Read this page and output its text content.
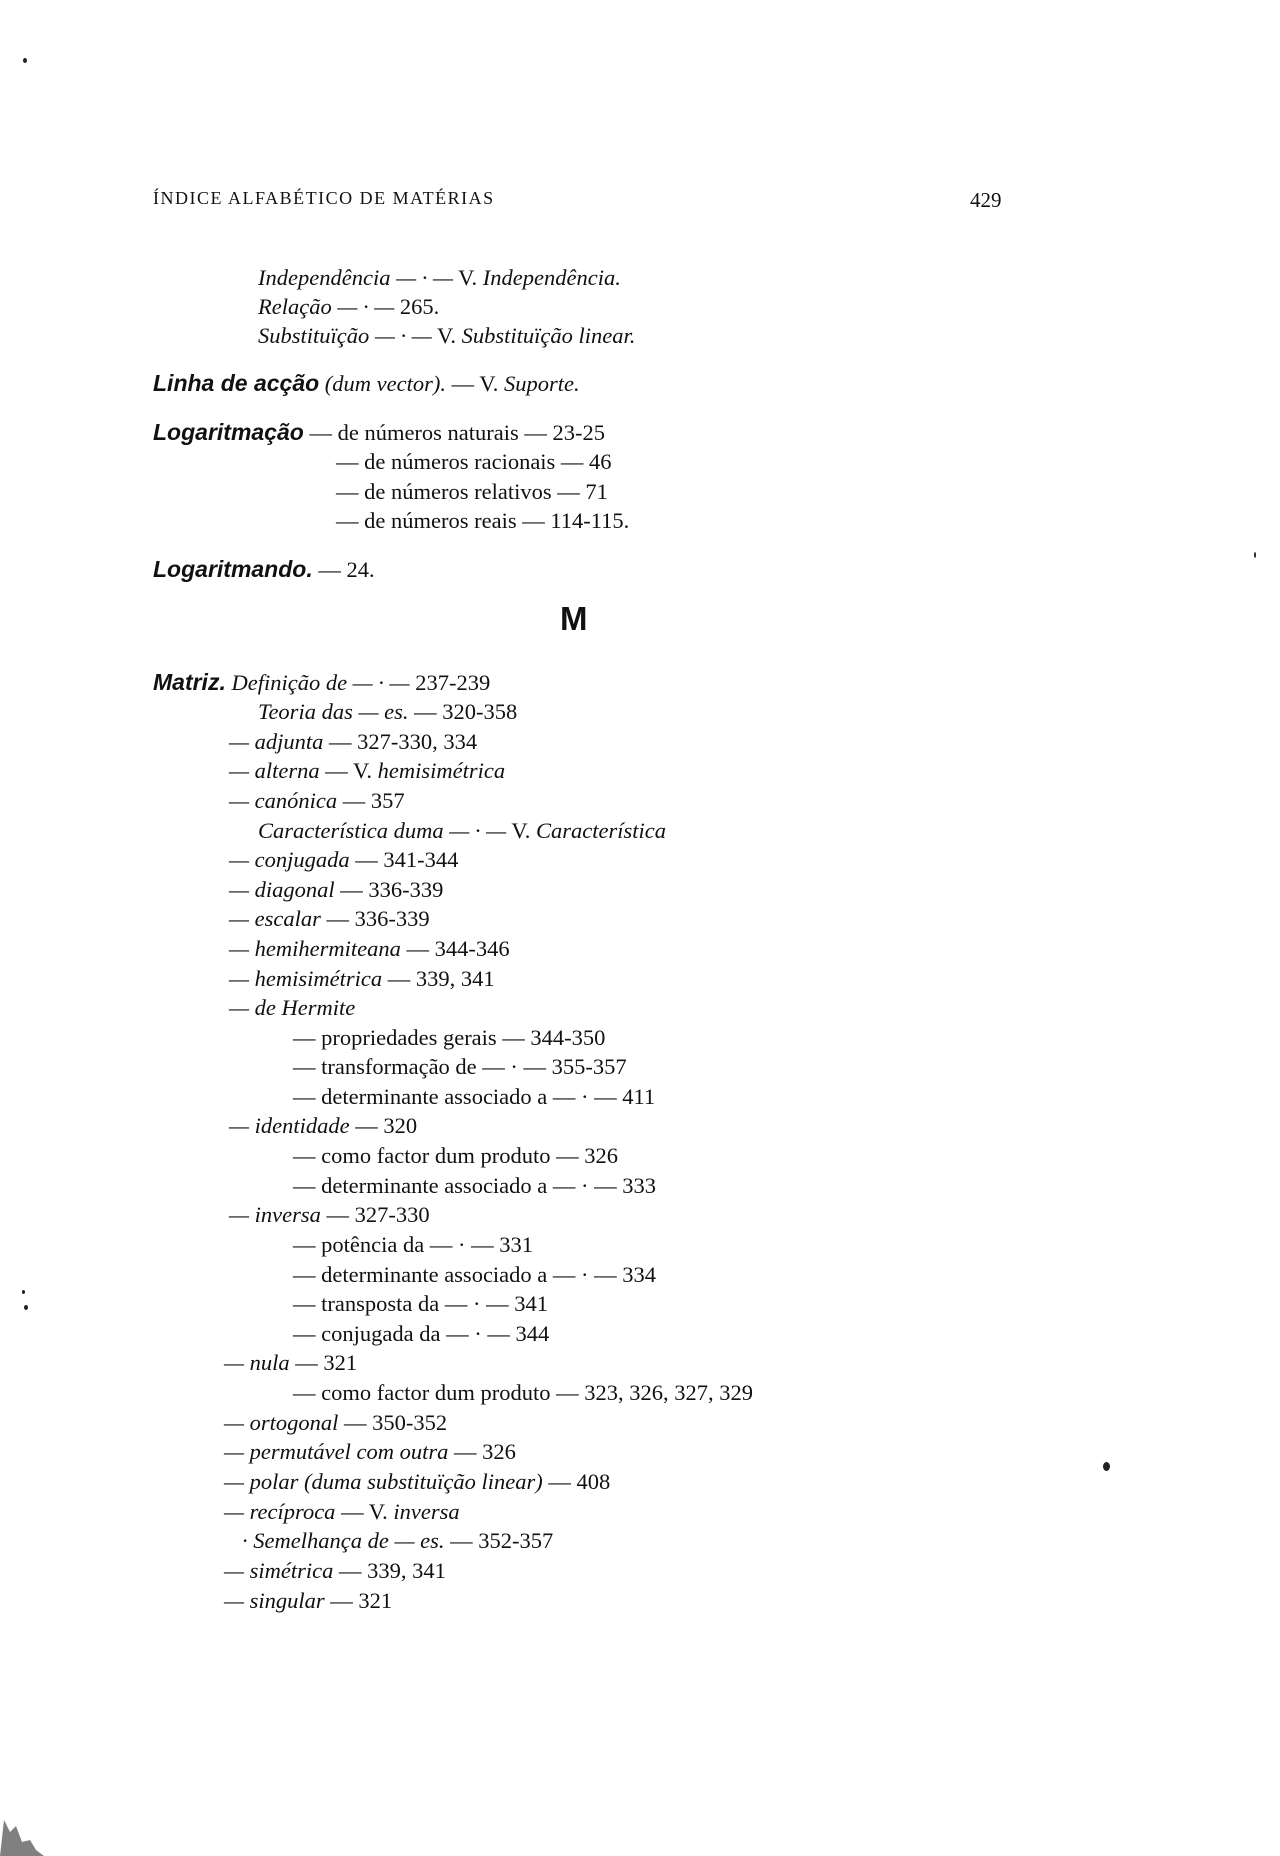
ÍNDICE ALFABÉTICO DE MATÉRIAS	429
Independência — · — V. Independência.
Relação — · — 265.
Substituïção — · — V. Substituïção linear.
Linha de acção (dum vector). — V. Suporte.
Logaritmação — de números naturais — 23-25
— de números racionais — 46
— de números relativos — 71
— de números reais — 114-115.
Logaritmando. — 24.
M
Matriz. Definição de — · — 237-239
Teoria das — es. — 320-358
— adjunta — 327-330, 334
— alterna — V. hemisimétrica
— canónica — 357
Característica duma — · — V. Característica
— conjugada — 341-344
— diagonal — 336-339
— escalar — 336-339
— hemihermiteana — 344-346
— hemisimétrica — 339, 341
— de Hermite
— propriedades gerais — 344-350
— transformação de — · — 355-357
— determinante associado a — · — 411
— identidade — 320
— como factor dum produto — 326
— determinante associado a — · — 333
— inversa — 327-330
— potência da — · — 331
— determinante associado a — · — 334
— transposta da — · — 341
— conjugada da — · — 344
— nula — 321
— como factor dum produto — 323, 326, 327, 329
— ortogonal — 350-352
— permutável com outra — 326
— polar (duma substituïção linear) — 408
— recíproca — V. inversa
· Semelhança de — es. — 352-357
— simétrica — 339, 341
— singular — 321
